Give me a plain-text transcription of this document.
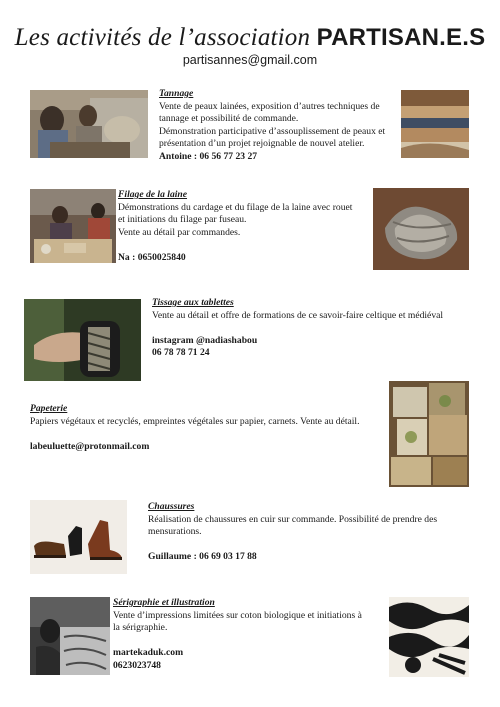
Les activités de l’association PARTISAN.E.S
partisannes@gmail.com
Tannage
Vente de peaux lainées, exposition d’autres techniques de
tannage et possibilité de commande.
Démonstration participative d’assouplissement de peaux et
présentation d’un projet rejoignable de nouvel atelier.
Antoine : 06 56 77 23 27
Filage de la laine
Démonstrations du cardage et du filage de la laine avec rouet
et initiations du filage par fuseau.
Vente au détail par commandes.
Na : 0650025840
Tissage aux tablettes
Vente au détail et offre de formations de ce savoir-faire celtique et médiéval
instagram @nadiashabou
06 78 78 71 24
Papeterie
Papiers végétaux et recyclés, empreintes végétales sur papier, carnets. Vente au détail.
labeuluette@protonmail.com
Chaussures
Réalisation de chaussures en cuir sur commande. Possibilité de prendre des
mensurations.
Guillaume : 06 69 03 17 88
Sérigraphie et illustration
Vente d’impressions limitées sur coton biologique et initiations à
la sérigraphie.
martekaduk.com
0623023748
